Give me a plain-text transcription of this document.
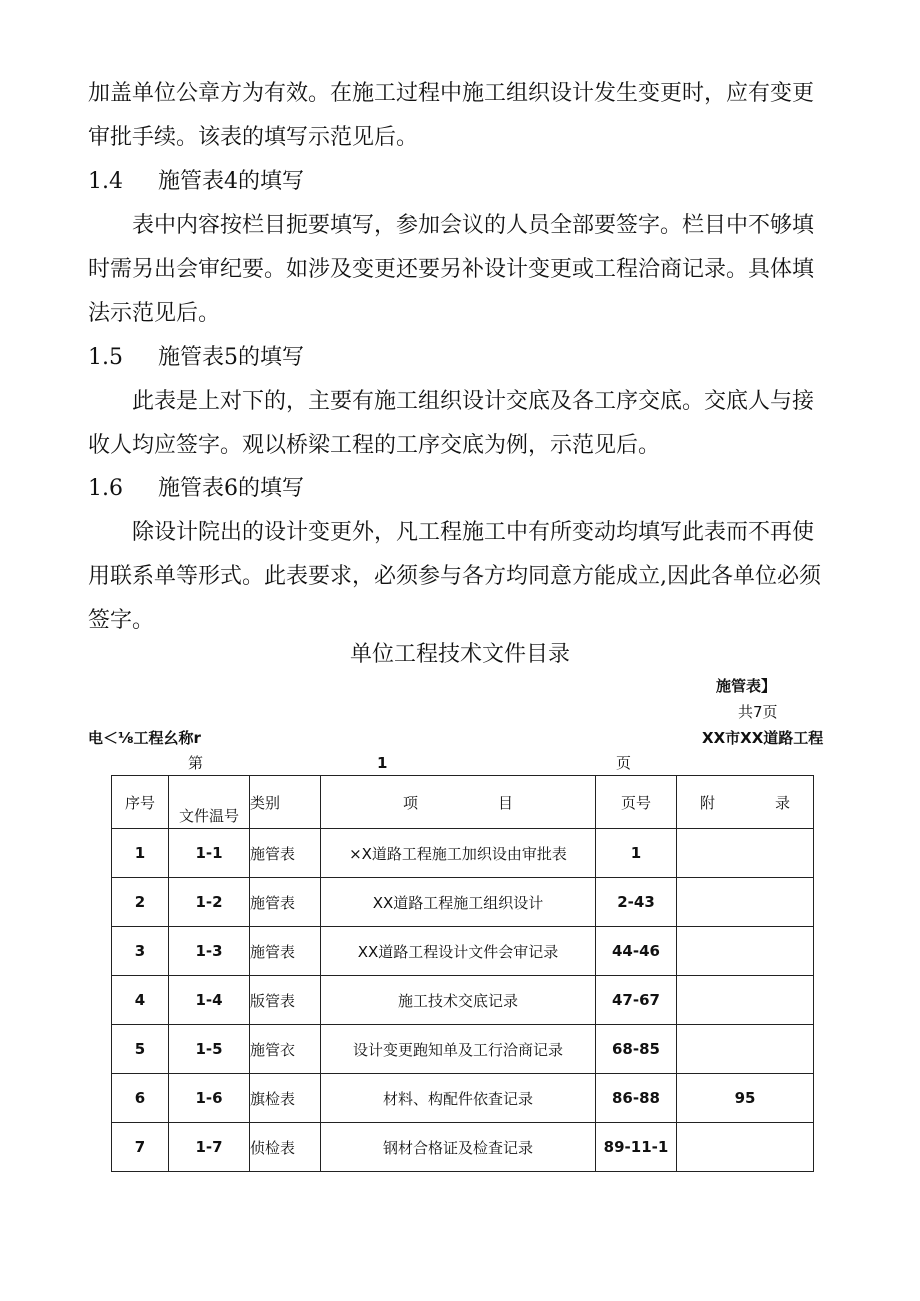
加盖单位公章方为有效。在施工过程中施工组织设计发生变更时，应有变更审批手续。该表的填写示范见后。

1.4 施管表4的填写

表中内容按栏目扼要填写，参加会议的人员全部要签字。栏目中不够填时需另出会审纪要。如涉及变更还要另补设计变更或工程洽商记录。具体填法示范见后。

1.5 施管表5的填写

此表是上对下的，主要有施工组织设计交底及各工序交底。交底人与接收人均应签字。观以桥梁工程的工序交底为例，示范见后。

1.6 施管表6的填写

除设计院出的设计变更外，凡工程施工中有所变动均填写此表而不再使用联系单等形式。此表要求，必须参与各方均同意方能成立,因此各单位必须签字。

单位工程技术文件目录
施管表】
共7页
电＜⅛工程幺称r	XX市XX道路工程
第	1	页
序号	文件温号	类别	项 目	页号	附 录
1	1-1	施管表	×X道路工程施工加织设由审批表	1	
2	1-2	施管表	XX道路工程施工组织设计	2-43	
3	1-3	施管表	XX道路工程设计文件会审记录	44-46	
4	1-4	版管表	施工技术交底记录	47-67	
5	1-5	施管衣	设计变更跑知单及工行洽商记录	68-85	
6	1-6	旗检表	材料、构配件依査记录	86-88	95
7	1-7	侦检表	钢材合格证及检査记录	89-11-1	
